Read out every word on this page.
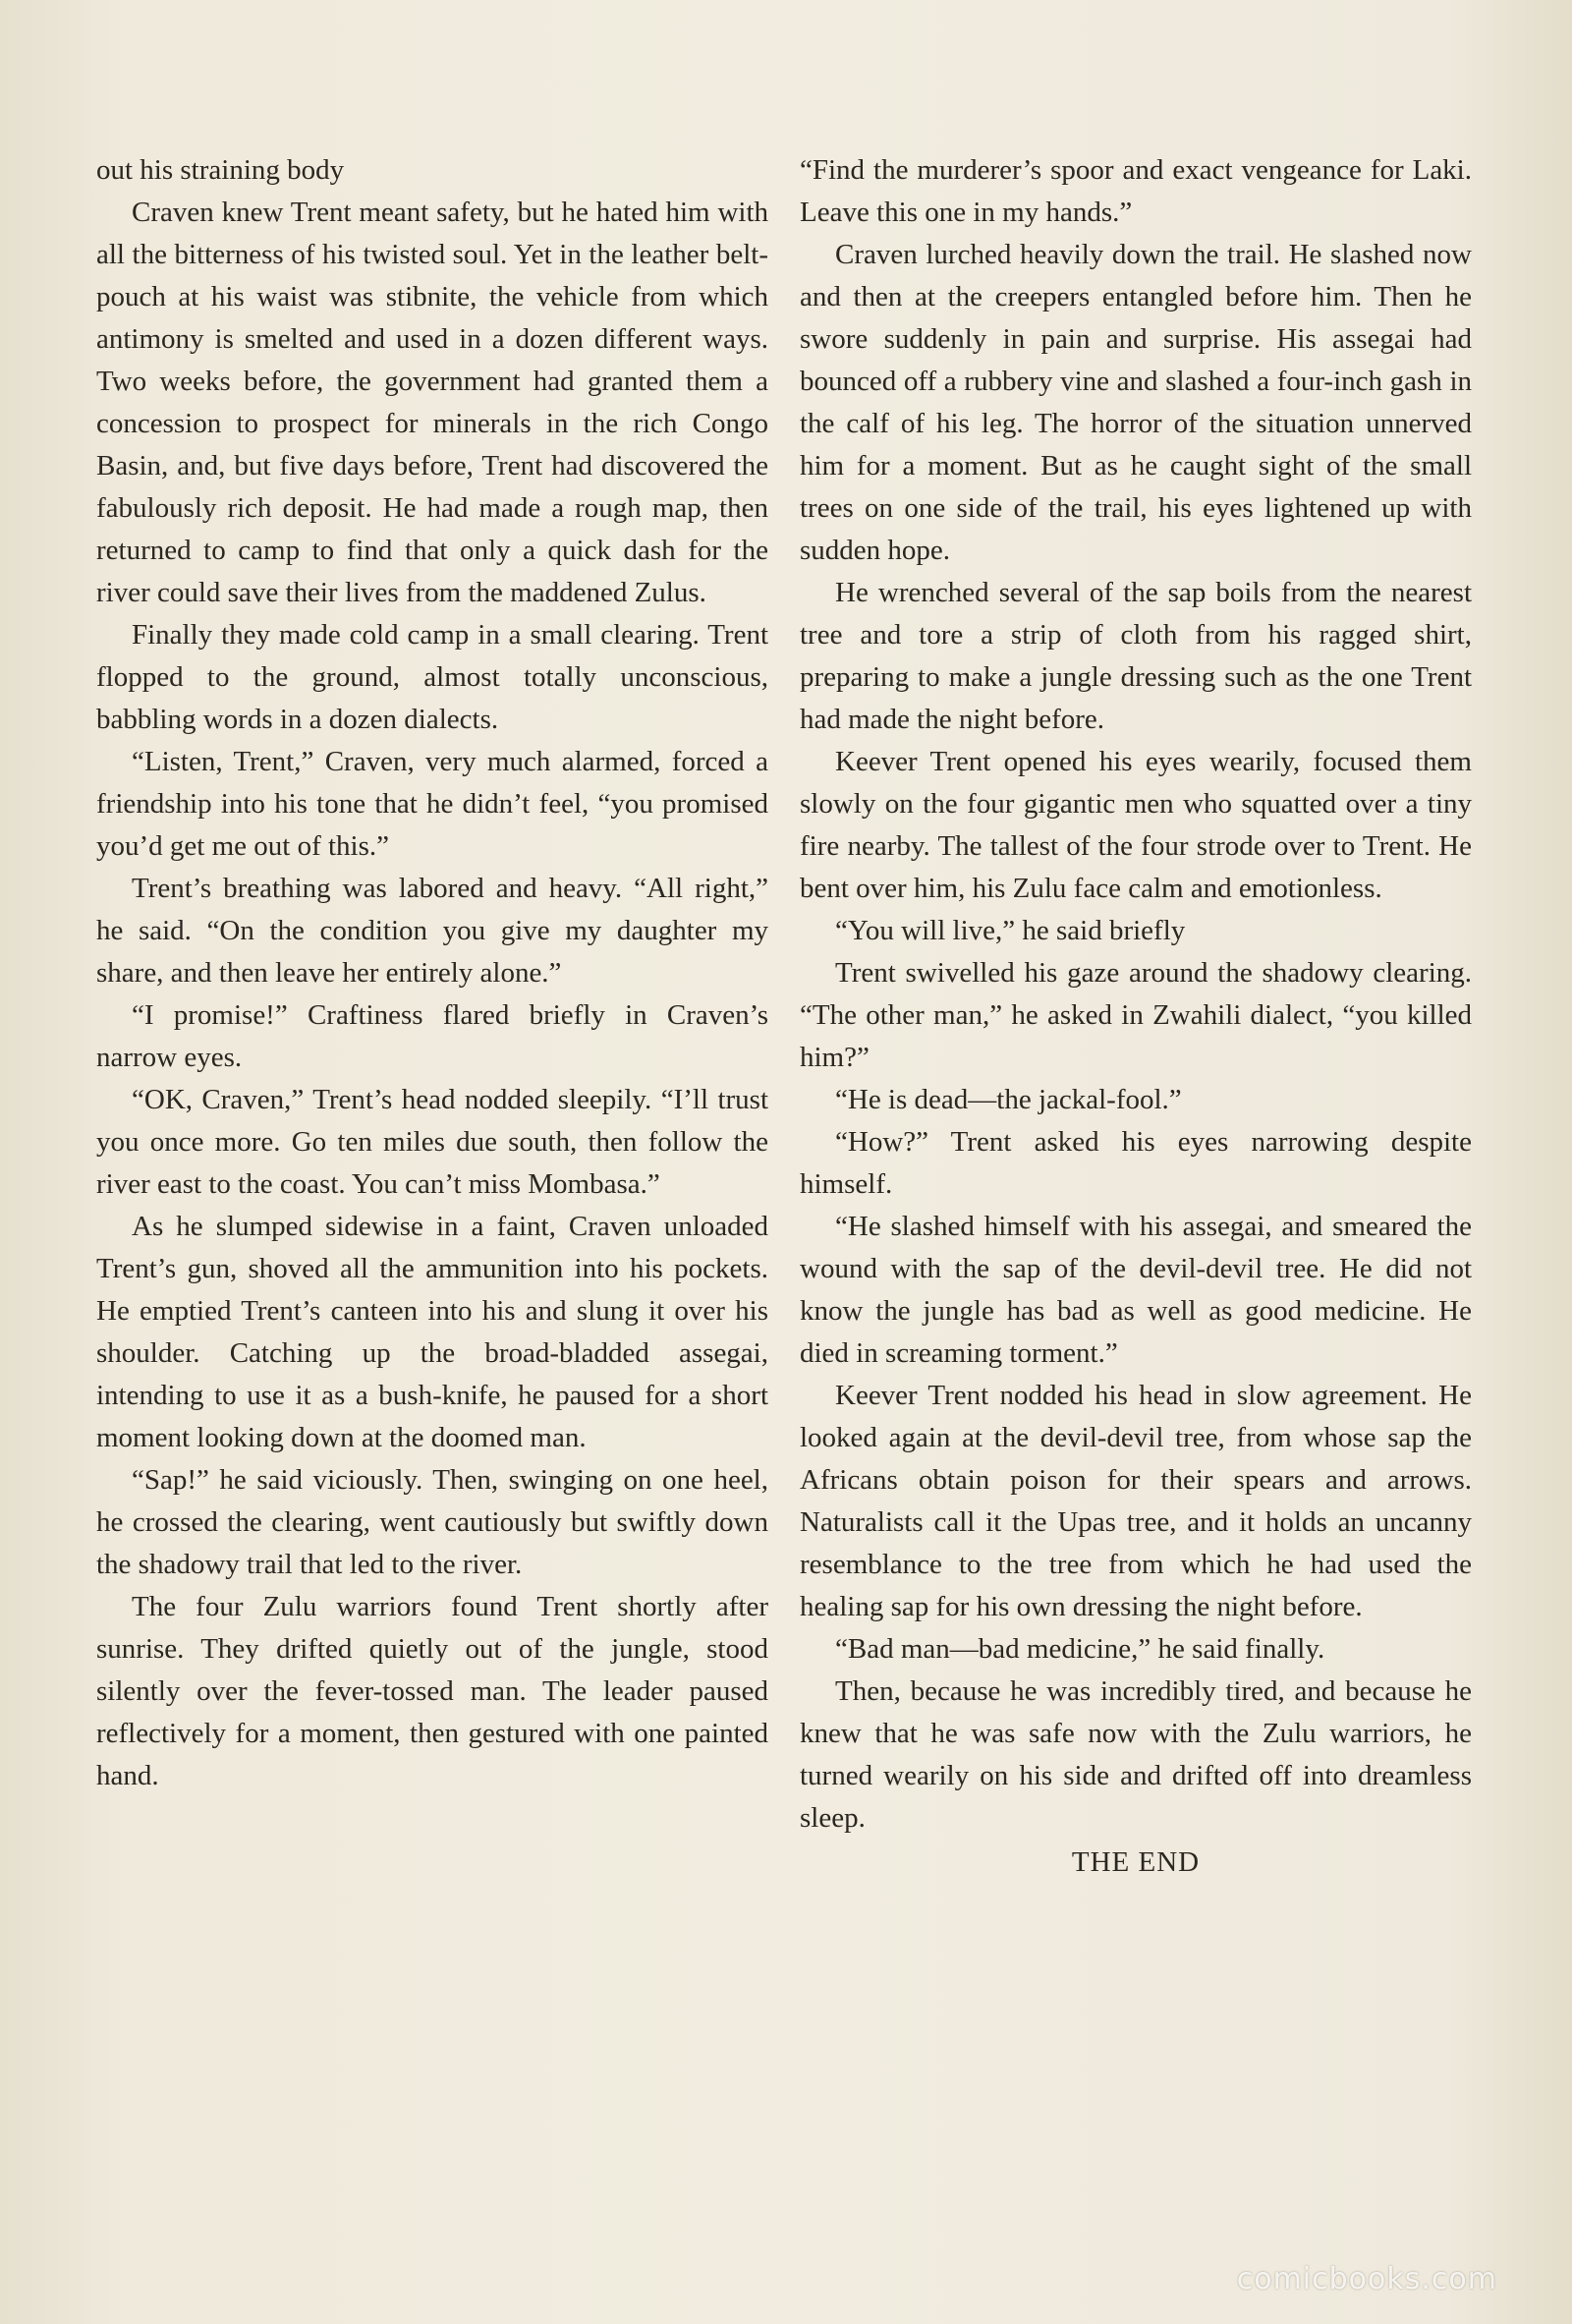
out his straining body

Craven knew Trent meant safety, but he hated him with all the bitterness of his twisted soul. Yet in the leather belt-pouch at his waist was stibnite, the vehicle from which antimony is smelted and used in a dozen different ways. Two weeks before, the government had granted them a concession to prospect for minerals in the rich Congo Basin, and, but five days before, Trent had discovered the fabulously rich deposit. He had made a rough map, then returned to camp to find that only a quick dash for the river could save their lives from the maddened Zulus.

Finally they made cold camp in a small clearing. Trent flopped to the ground, almost totally unconscious, babbling words in a dozen dialects.

“Listen, Trent,” Craven, very much alarmed, forced a friendship into his tone that he didn’t feel, “you promised you’d get me out of this.”

Trent’s breathing was labored and heavy. “All right,” he said. “On the condition you give my daughter my share, and then leave her entirely alone.”

“I promise!” Craftiness flared briefly in Craven’s narrow eyes.

“OK, Craven,” Trent’s head nodded sleepily. “I’ll trust you once more. Go ten miles due south, then follow the river east to the coast. You can’t miss Mombasa.”

As he slumped sidewise in a faint, Craven unloaded Trent’s gun, shoved all the ammunition into his pockets. He emptied Trent’s canteen into his and slung it over his shoulder. Catching up the broad-bladded assegai, intending to use it as a bush-knife, he paused for a short moment looking down at the doomed man.

“Sap!” he said viciously. Then, swinging on one heel, he crossed the clearing, went cautiously but swiftly down the shadowy trail that led to the river.

The four Zulu warriors found Trent shortly after sunrise. They drifted quietly out of the jungle, stood silently over the fever-tossed man. The leader paused reflectively for a moment, then gestured with one painted hand.

“Find the murderer’s spoor and exact vengeance for Laki. Leave this one in my hands.”

Craven lurched heavily down the trail. He slashed now and then at the creepers entangled before him. Then he swore suddenly in pain and surprise. His assegai had bounced off a rubbery vine and slashed a four-inch gash in the calf of his leg. The horror of the situation unnerved him for a moment. But as he caught sight of the small trees on one side of the trail, his eyes lightened up with sudden hope.

He wrenched several of the sap boils from the nearest tree and tore a strip of cloth from his ragged shirt, preparing to make a jungle dressing such as the one Trent had made the night before.

Keever Trent opened his eyes wearily, focused them slowly on the four gigantic men who squatted over a tiny fire nearby. The tallest of the four strode over to Trent. He bent over him, his Zulu face calm and emotionless.

“You will live,” he said briefly

Trent swivelled his gaze around the shadowy clearing. “The other man,” he asked in Zwahili dialect, “you killed him?”

“He is dead—the jackal-fool.”

“How?” Trent asked his eyes narrowing despite himself.

“He slashed himself with his assegai, and smeared the wound with the sap of the devil-devil tree. He did not know the jungle has bad as well as good medicine. He died in screaming torment.”

Keever Trent nodded his head in slow agreement. He looked again at the devil-devil tree, from whose sap the Africans obtain poison for their spears and arrows. Naturalists call it the Upas tree, and it holds an uncanny resemblance to the tree from which he had used the healing sap for his own dressing the night before.

“Bad man—bad medicine,” he said finally.

Then, because he was incredibly tired, and because he knew that he was safe now with the Zulu warriors, he turned wearily on his side and drifted off into dreamless sleep.

THE END

comicbooks.com
